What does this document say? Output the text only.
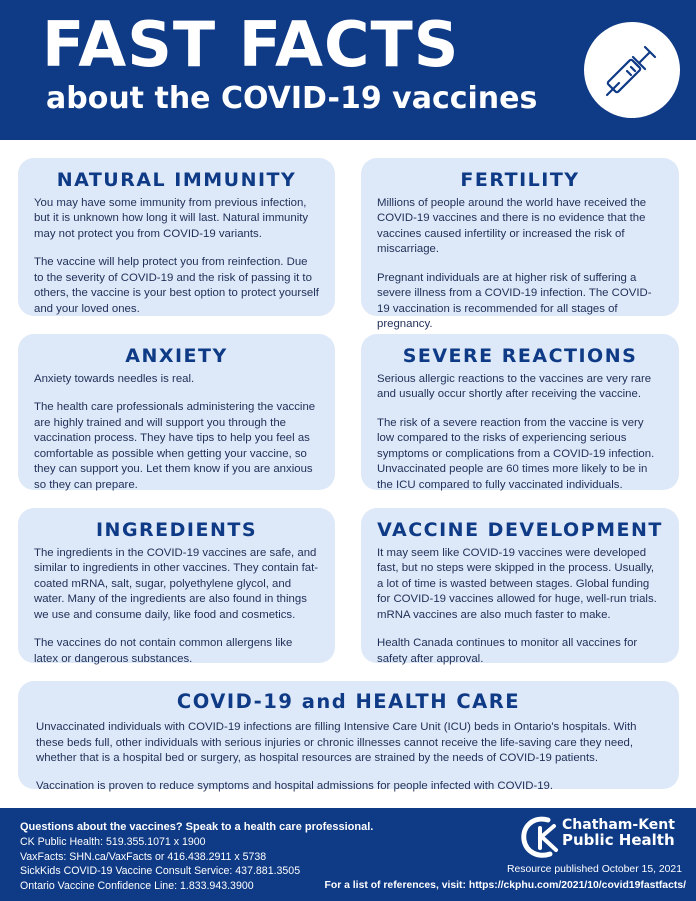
FAST FACTS
about the COVID-19 vaccines
NATURAL IMMUNITY

You may have some immunity from previous infection, but it is unknown how long it will last. Natural immunity may not protect you from COVID-19 variants.

The vaccine will help protect you from reinfection. Due to the severity of COVID-19 and the risk of passing it to others, the vaccine is your best option to protect yourself and your loved ones.

FERTILITY

Millions of people around the world have received the COVID-19 vaccines and there is no evidence that the vaccines caused infertility or increased the risk of miscarriage.

Pregnant individuals are at higher risk of suffering a severe illness from a COVID-19 infection. The COVID-19 vaccination is recommended for all stages of pregnancy.

ANXIETY

Anxiety towards needles is real.

The health care professionals administering the vaccine are highly trained and will support you through the vaccination process. They have tips to help you feel as comfortable as possible when getting your vaccine, so they can support you. Let them know if you are anxious so they can prepare.

SEVERE REACTIONS

Serious allergic reactions to the vaccines are very rare and usually occur shortly after receiving the vaccine.

The risk of a severe reaction from the vaccine is very low compared to the risks of experiencing serious symptoms or complications from a COVID-19 infection. Unvaccinated people are 60 times more likely to be in the ICU compared to fully vaccinated individuals.

INGREDIENTS

The ingredients in the COVID-19 vaccines are safe, and similar to ingredients in other vaccines. They contain fat-coated mRNA, salt, sugar, polyethylene glycol, and water. Many of the ingredients are also found in things we use and consume daily, like food and cosmetics.

The vaccines do not contain common allergens like latex or dangerous substances.

VACCINE DEVELOPMENT

It may seem like COVID-19 vaccines were developed fast, but no steps were skipped in the process. Usually, a lot of time is wasted between stages. Global funding for COVID-19 vaccines allowed for huge, well-run trials. mRNA vaccines are also much faster to make.

Health Canada continues to monitor all vaccines for safety after approval.

COVID-19 and HEALTH CARE

Unvaccinated individuals with COVID-19 infections are filling Intensive Care Unit (ICU) beds in Ontario's hospitals. With these beds full, other individuals with serious injuries or chronic illnesses cannot receive the life-saving care they need, whether that is a hospital bed or surgery, as hospital resources are strained by the needs of COVID-19 patients.

Vaccination is proven to reduce symptoms and hospital admissions for people infected with COVID-19.

Questions about the vaccines? Speak to a health care professional.
CK Public Health: 519.355.1071 x 1900
VaxFacts: SHN.ca/VaxFacts or 416.438.2911 x 5738
SickKids COVID-19 Vaccine Consult Service: 437.881.3505
Ontario Vaccine Confidence Line: 1.833.943.3900
Chatham-Kent
Public Health
Resource published October 15, 2021
For a list of references, visit: https://ckphu.com/2021/10/covid19fastfacts/
